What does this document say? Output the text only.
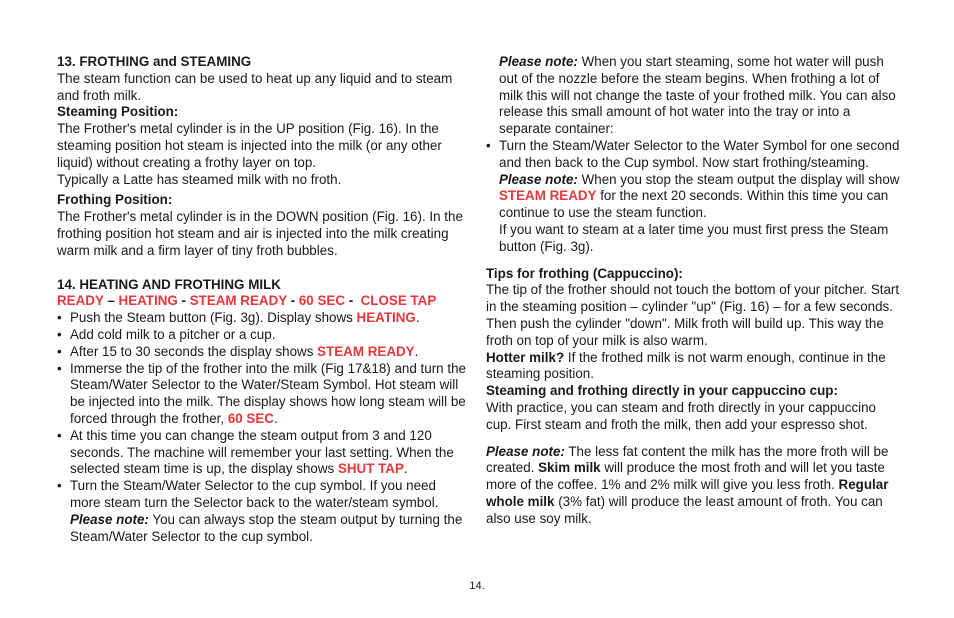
13. FROTHING and STEAMING
The steam function can be used to heat up any liquid and to steam and froth milk.
Steaming Position:
The Frother's metal cylinder is in the UP position (Fig. 16). In the steaming position hot steam is injected into the milk (or any other liquid) without creating a frothy layer on top.
Typically a Latte has steamed milk with no froth.
Frothing Position:
The Frother's metal cylinder is in the DOWN position (Fig. 16). In the frothing position hot steam and air is injected into the milk creating warm milk and a firm layer of tiny froth bubbles.
14. HEATING AND FROTHING MILK
READY – HEATING - STEAM READY - 60 SEC -  CLOSE TAP
• Push the Steam button (Fig. 3g). Display shows HEATING.
• Add cold milk to a pitcher or a cup.
• After 15 to 30 seconds the display shows STEAM READY.
• Immerse the tip of the frother into the milk (Fig 17&18) and turn the Steam/Water Selector to the Water/Steam Symbol. Hot steam will be injected into the milk. The display shows how long steam will be forced through the frother, 60 SEC.
• At this time you can change the steam output from 3 and 120 seconds. The machine will remember your last setting. When the selected steam time is up, the display shows SHUT TAP.
• Turn the Steam/Water Selector to the cup symbol. If you need more steam turn the Selector back to the water/steam symbol. Please note: You can always stop the steam output by turning the Steam/Water Selector to the cup symbol.
Please note: When you start steaming, some hot water will push out of the nozzle before the steam begins. When frothing a lot of milk this will not change the taste of your frothed milk. You can also release this small amount of hot water into the tray or into a separate container:
• Turn the Steam/Water Selector to the Water Symbol for one second and then back to the Cup symbol. Now start frothing/steaming.
Please note: When you stop the steam output the display will show STEAM READY for the next 20 seconds. Within this time you can continue to use the steam function.
If you want to steam at a later time you must first press the Steam button (Fig. 3g).
Tips for frothing (Cappuccino):
The tip of the frother should not touch the bottom of your pitcher. Start in the steaming position – cylinder "up" (Fig. 16) – for a few seconds. Then push the cylinder "down". Milk froth will build up. This way the froth on top of your milk is also warm.
Hotter milk? If the frothed milk is not warm enough, continue in the steaming position.
Steaming and frothing directly in your cappuccino cup:
With practice, you can steam and froth directly in your cappuccino cup. First steam and froth the milk, then add your espresso shot.
Please note: The less fat content the milk has the more froth will be created. Skim milk will produce the most froth and will let you taste more of the coffee. 1% and 2% milk will give you less froth. Regular whole milk (3% fat) will produce the least amount of froth. You can also use soy milk.
14.
